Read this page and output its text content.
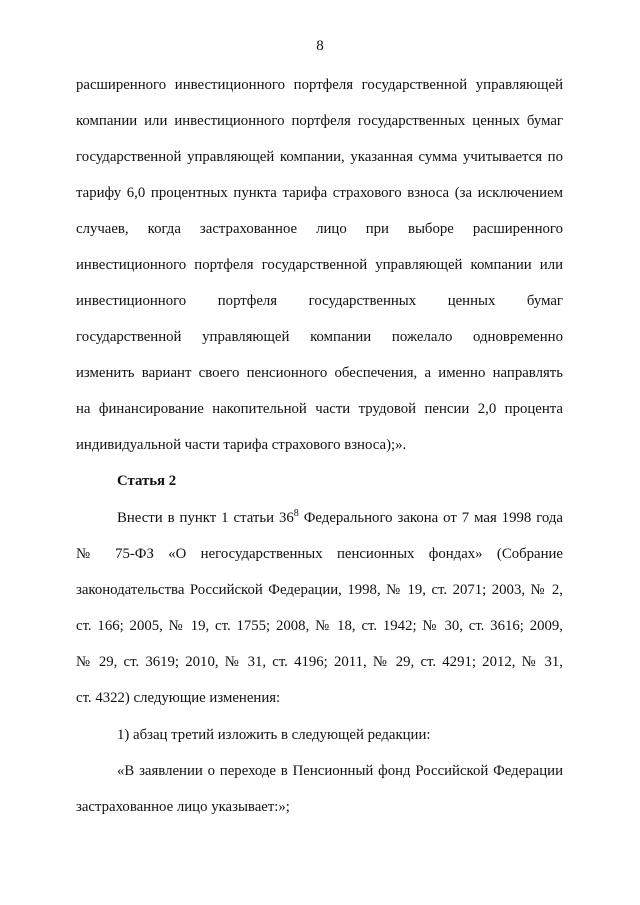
8
расширенного инвестиционного портфеля государственной управляющей
компании или инвестиционного портфеля государственных ценных бумаг
государственной управляющей компании, указанная сумма учитывается по
тарифу 6,0 процентных пункта тарифа страхового взноса (за исключением
случаев, когда застрахованное лицо при выборе расширенного
инвестиционного портфеля государственной управляющей компании или
инвестиционного портфеля государственных ценных бумаг
государственной управляющей компании пожелало одновременно
изменить вариант своего пенсионного обеспечения, а именно направлять
на финансирование накопительной части трудовой пенсии 2,0 процента
индивидуальной части тарифа страхового взноса);».
Статья 2
Внести в пункт 1 статьи $36^8$ Федерального закона от 7 мая 1998 года
№ 75-ФЗ «О негосударственных пенсионных фондах» (Собрание
законодательства Российской Федерации, 1998, № 19, ст. 2071; 2003, № 2,
ст. 166; 2005, № 19, ст. 1755; 2008, № 18, ст. 1942; № 30, ст. 3616; 2009,
№ 29, ст. 3619; 2010, № 31, ст. 4196; 2011, № 29, ст. 4291; 2012, № 31,
ст. 4322) следующие изменения:
1) абзац третий изложить в следующей редакции:
«В заявлении о переходе в Пенсионный фонд Российской Федерации
застрахованное лицо указывает:»;
